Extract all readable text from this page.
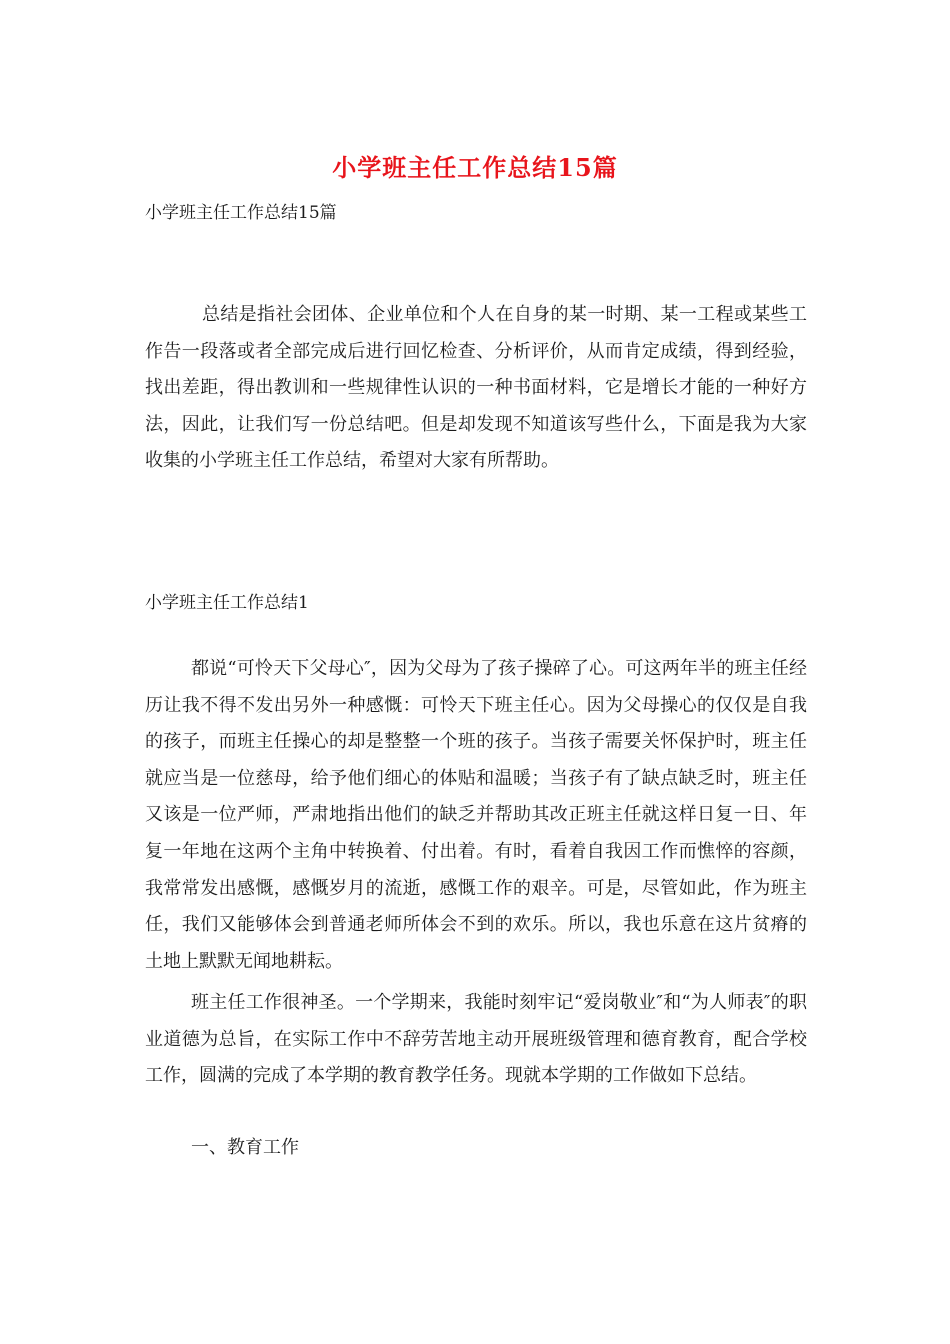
小学班主任工作总结15篇
小学班主任工作总结15篇

总结是指社会团体、企业单位和个人在自身的某一时期、某一工程或某些工作告一段落或者全部完成后进行回忆检查、分析评价，从而肯定成绩，得到经验，找出差距，得出教训和一些规律性认识的一种书面材料，它是增长才能的一种好方法，因此，让我们写一份总结吧。但是却发现不知道该写些什么，下面是我为大家收集的小学班主任工作总结，希望对大家有所帮助。

小学班主任工作总结1

都说“可怜天下父母心″，因为父母为了孩子操碎了心。可这两年半的班主任经历让我不得不发出另外一种感慨：可怜天下班主任心。因为父母操心的仅仅是自我的孩子，而班主任操心的却是整整一个班的孩子。当孩子需要关怀保护时，班主任就应当是一位慈母，给予他们细心的体贴和温暖；当孩子有了缺点缺乏时，班主任又该是一位严师，严肃地指出他们的缺乏并帮助其改正班主任就这样日复一日、年复一年地在这两个主角中转换着、付出着。有时，看着自我因工作而憔悴的容颜，我常常发出感慨，感慨岁月的流逝，感慨工作的艰辛。可是，尽管如此，作为班主任，我们又能够体会到普通老师所体会不到的欢乐。所以，我也乐意在这片贫瘠的土地上默默无闻地耕耘。

班主任工作很神圣。一个学期来，我能时刻牢记“爱岗敬业″和“为人师表″的职业道德为总旨，在实际工作中不辞劳苦地主动开展班级管理和德育教育，配合学校工作，圆满的完成了本学期的教育教学任务。现就本学期的工作做如下总结。

一、教育工作
